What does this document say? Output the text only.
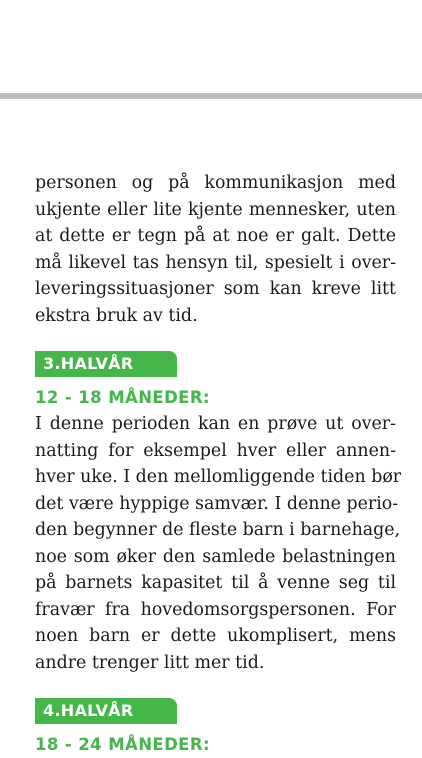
personen og på kommunikasjon med
ukjente eller lite kjente mennesker, uten
at dette er tegn på at noe er galt. Dette
må likevel tas hensyn til, spesielt i over-
leveringssituasjoner som kan kreve litt
ekstra bruk av tid.

3.HALVÅR
12 - 18 MÅNEDER:

I denne perioden kan en prøve ut over-
natting for eksempel hver eller annen-
hver uke. I den mellomliggende tiden bør
det være hyppige samvær. I denne perio-
den begynner de fleste barn i barnehage,
noe som øker den samlede belastningen
på barnets kapasitet til å venne seg til
fravær fra hovedomsorgspersonen. For
noen barn er dette ukomplisert, mens
andre trenger litt mer tid.

4.HALVÅR
18 - 24 MÅNEDER:
